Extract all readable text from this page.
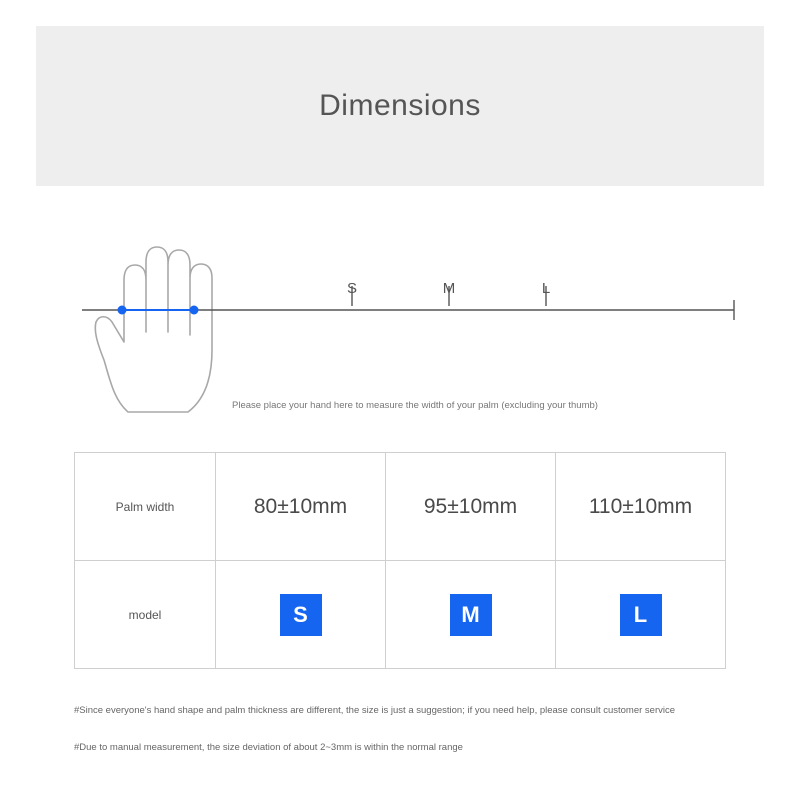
Dimensions
S	M	L
Please place your hand here to measure the width of your palm (excluding your thumb)
Palm width	80±10mm	95±10mm	110±10mm
model	S	M	L
#Since everyone's hand shape and palm thickness are different, the size is just a suggestion; if you need help, please consult customer service
#Due to manual measurement, the size deviation of about 2~3mm is within the normal range
